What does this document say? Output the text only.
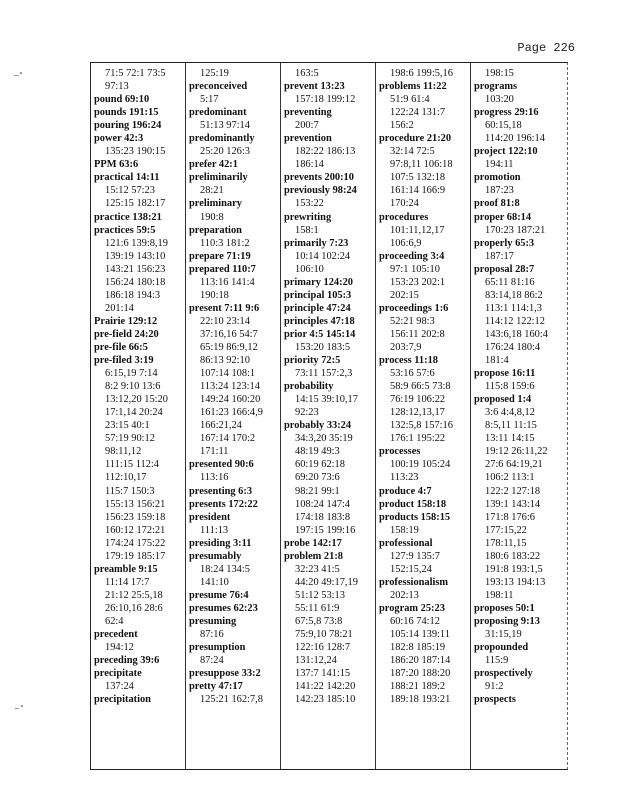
Page 226
71:5 72:1 73:5
97:13
pound 69:10
pounds 191:15
pouring 196:24
power 42:3
135:23 190:15
PPM 63:6
practical 14:11
15:12 57:23
125:15 182:17
practice 138:21
practices 59:5
121:6 139:8,19
139:19 143:10
143:21 156:23
156:24 180:18
186:18 194:3
201:14
Prairie 129:12
pre-field 24:20
pre-file 66:5
pre-filed 3:19
6:15,19 7:14
8:2 9:10 13:6
13:12,20 15:20
17:1,14 20:24
23:15 40:1
57:19 90:12
98:11,12
111:15 112:4
112:10,17
115:7 150:3
155:13 156:21
156:23 159:18
160:12 172:21
174:24 175:22
179:19 185:17
preamble 9:15
11:14 17:7
21:12 25:5,18
26:10,16 28:6
62:4
precedent
194:12
preceding 39:6
precipitate
137:24
precipitation
125:19
preconceived
5:17
predominant
51:13 97:14
predominantly
25:20 126:3
prefer 42:1
preliminarily
28:21
preliminary
190:8
preparation
110:3 181:2
prepare 71:19
prepared 110:7
113:16 141:4
190:18
present 7:11 9:6
22:10 23:14
37:16,16 54:7
65:19 86:9,12
86:13 92:10
107:14 108:1
113:24 123:14
149:24 160:20
161:23 166:4,9
166:21,24
167:14 170:2
171:11
presented 90:6
113:16
presenting 6:3
presents 172:22
president
111:13
presiding 3:11
presumably
18:24 134:5
141:10
presume 76:4
presumes 62:23
presuming
87:16
presumption
87:24
presuppose 33:2
pretty 47:17
125:21 162:7,8
163:5
prevent 13:23
157:18 199:12
preventing
200:7
prevention
182:22 186:13
186:14
prevents 200:10
previously 98:24
153:22
prewriting
158:1
primarily 7:23
10:14 102:24
106:10
primary 124:20
principal 105:3
principle 47:24
principles 47:18
prior 4:5 145:14
153:20 183:5
priority 72:5
73:11 157:2,3
probability
14:15 39:10,17
92:23
probably 33:24
34:3,20 35:19
48:19 49:3
60:19 62:18
69:20 73:6
98:21 99:1
108:24 147:4
174:18 183:8
197:15 199:16
probe 142:17
problem 21:8
32:23 41:5
44:20 49:17,19
51:12 53:13
55:11 61:9
67:5,8 73:8
75:9,10 78:21
122:16 128:7
131:12,24
137:7 141:15
141:22 142:20
142:23 185:10
198:6 199:5,16
problems 11:22
51:9 61:4
122:24 131:7
156:2
procedure 21:20
32:14 72:5
97:8,11 106:18
107:5 132:18
161:14 166:9
170:24
procedures
101:11,12,17
106:6,9
proceeding 3:4
97:1 105:10
153:23 202:1
202:15
proceedings 1:6
52:21 98:3
156:11 202:8
203:7,9
process 11:18
53:16 57:6
58:9 66:5 73:8
76:19 106:22
128:12,13,17
132:5,8 157:16
176:1 195:22
processes
100:19 105:24
113:23
produce 4:7
product 158:18
products 158:15
158:19
professional
127:9 135:7
152:15,24
professionalism
202:13
program 25:23
60:16 74:12
105:14 139:11
182:8 185:19
186:20 187:14
187:20 188:20
188:21 189:2
189:18 193:21
198:15
programs
103:20
progress 29:16
60:15,18
114:20 196:14
project 122:10
194:11
promotion
187:23
proof 81:8
proper 68:14
170:23 187:21
properly 65:3
187:17
proposal 28:7
65:11 81:16
83:14,18 86:2
113:1 114:1,3
114:12 122:12
143:6,18 160:4
176:24 180:4
181:4
propose 16:11
115:8 159:6
proposed 1:4
3:6 4:4,8,12
8:5,11 11:15
13:11 14:15
19:12 26:11,22
27:6 64:19,21
106:2 113:1
122:2 127:18
139:1 143:14
171:8 176:6
177:15,22
178:11,15
180:6 183:22
191:8 193:1,5
193:13 194:13
198:11
proposes 50:1
proposing 9:13
31:15,19
propounded
115:9
prospectively
91:2
prospects
